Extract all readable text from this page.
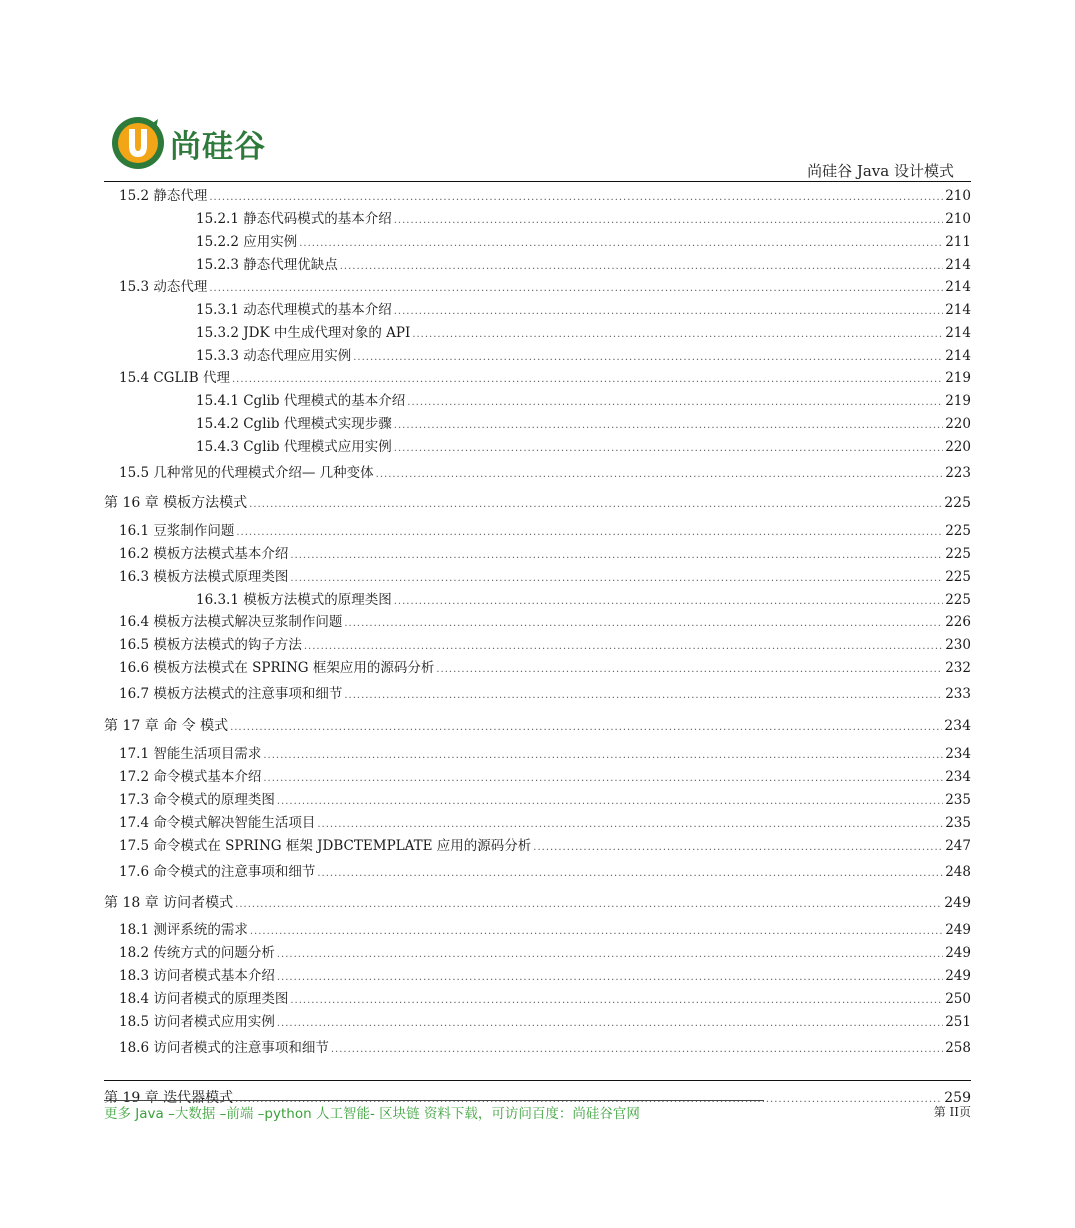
尚硅谷
尚硅谷 Java 设计模式
15.2 静态代理 .....	210
15.2.1 静态代码模式的基本介绍 .....	210
15.2.2 应用实例 .....	211
15.2.3 静态代理优缺点 .....	214
15.3 动态代理 .....	214
15.3.1 动态代理模式的基本介绍 .....	214
15.3.2 JDK 中生成代理对象的 API .....	214
15.3.3 动态代理应用实例 .....	214
15.4 CGLIB 代理 .....	219
15.4.1 Cglib 代理模式的基本介绍 .....	219
15.4.2 Cglib 代理模式实现步骤 .....	220
15.4.3 Cglib 代理模式应用实例 .....	220
15.5 几种常见的代理模式介绍— 几种变体 .....	223
第 16 章 模板方法模式 .....	225
16.1 豆浆制作问题 .....	225
16.2 模板方法模式基本介绍 .....	225
16.3 模板方法模式原理类图 .....	225
16.3.1 模板方法模式的原理类图 .....	225
16.4 模板方法模式解决豆浆制作问题 .....	226
16.5 模板方法模式的钩子方法 .....	230
16.6 模板方法模式在 SPRING 框架应用的源码分析 .....	232
16.7 模板方法模式的注意事项和细节 .....	233
第 17 章 命 令 模式 .....	234
17.1 智能生活项目需求 .....	234
17.2 命令模式基本介绍 .....	234
17.3 命令模式的原理类图 .....	235
17.4 命令模式解决智能生活项目 .....	235
17.5 命令模式在 SPRING 框架 JDBCTEMPLATE 应用的源码分析 .....	247
17.6 命令模式的注意事项和细节 .....	248
第 18 章 访问者模式 .....	249
18.1 测评系统的需求 .....	249
18.2 传统方式的问题分析 .....	249
18.3 访问者模式基本介绍 .....	249
18.4 访问者模式的原理类图 .....	250
18.5 访问者模式应用实例 .....	251
18.6 访问者模式的注意事项和细节 .....	258
第 19 章 迭代器模式 .....	259
更多 Java –大数据 –前端 –python 人工智能- 区块链 资料下载，可访问百度：尚硅谷官网	第 II页
